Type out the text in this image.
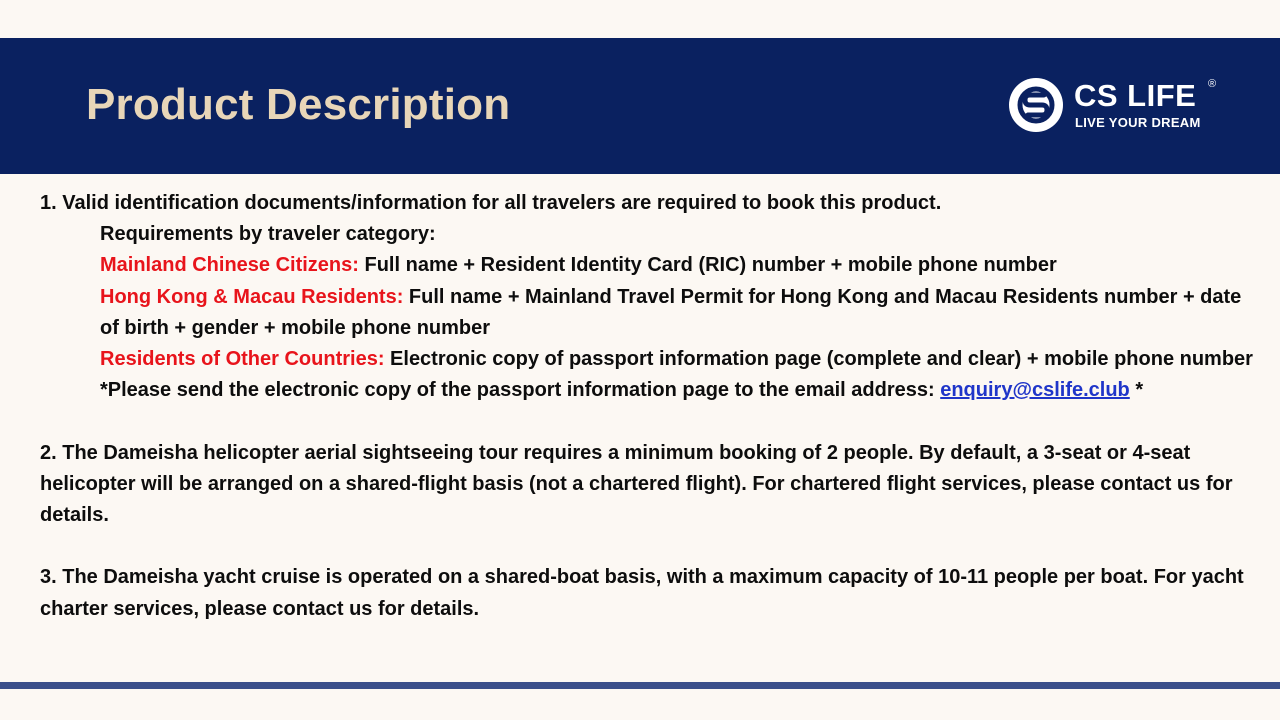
Product Description	CS LIFE ®
LIVE YOUR DREAM

1. Valid identification documents/information for all travelers are required to book this product.

Requirements by traveler category:

Mainland Chinese Citizens: Full name + Resident Identity Card (RIC) number + mobile phone number

Hong Kong & Macau Residents: Full name + Mainland Travel Permit for Hong Kong and Macau Residents number + date of birth + gender + mobile phone number

Residents of Other Countries: Electronic copy of passport information page (complete and clear) + mobile phone number

*Please send the electronic copy of the passport information page to the email address: enquiry@cslife.club *

2. The Dameisha helicopter aerial sightseeing tour requires a minimum booking of 2 people. By default, a 3-seat or 4-seat helicopter will be arranged on a shared-flight basis (not a chartered flight). For chartered flight services, please contact us for details.

3. The Dameisha yacht cruise is operated on a shared-boat basis, with a maximum capacity of 10-11 people per boat. For yacht charter services, please contact us for details.
